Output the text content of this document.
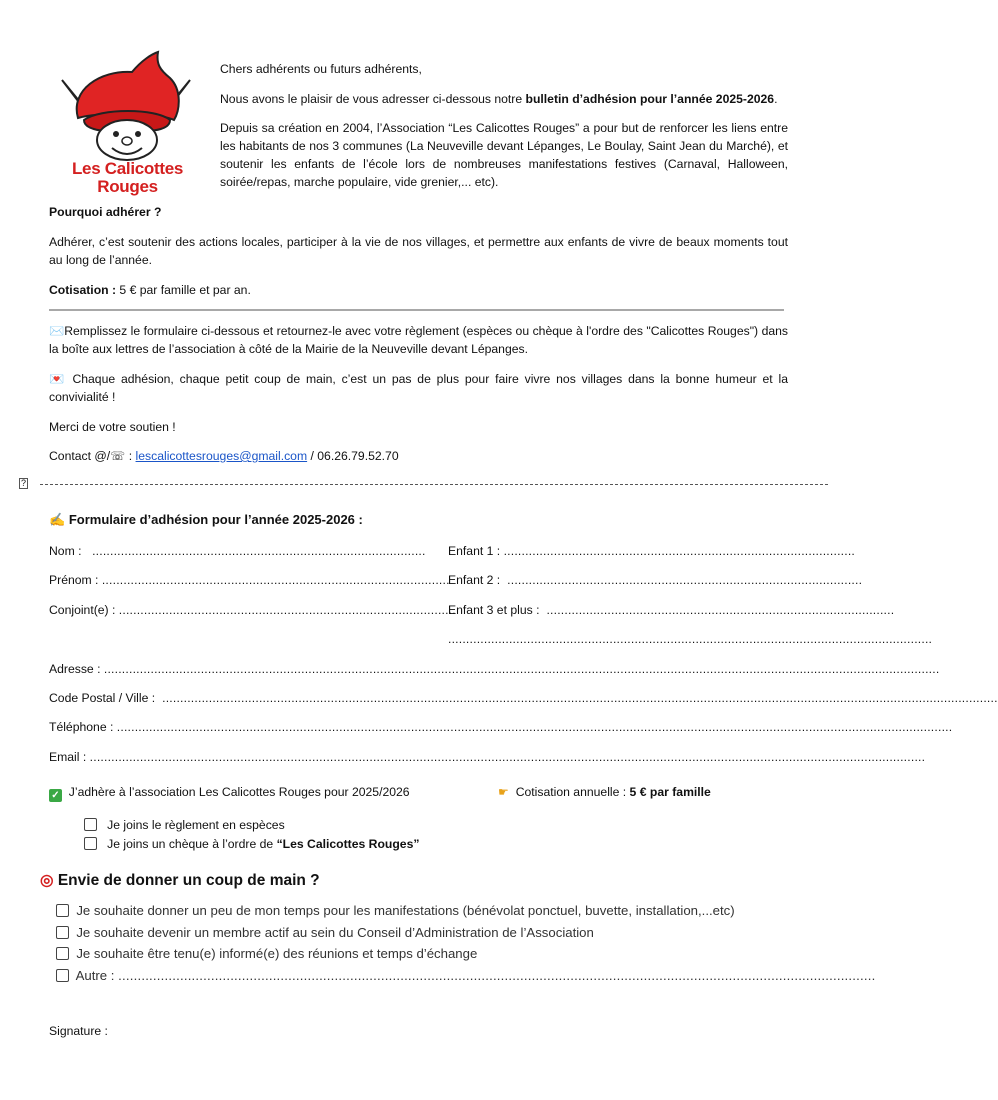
Les Calicottes Rouges

Chers adhérents ou futurs adhérents,

Nous avons le plaisir de vous adresser ci-dessous notre bulletin d’adhésion pour l’année 2025-2026.

Depuis sa création en 2004, l’Association “Les Calicottes Rouges” a pour but de renforcer les liens entre les habitants de nos 3 communes (La Neuveville devant Lépanges, Le Boulay, Saint Jean du Marché), et soutenir les enfants de l’école lors de nombreuses manifestations festives (Carnaval, Halloween, soirée/repas, marche populaire, vide grenier,... etc).

Pourquoi adhérer ?

Adhérer, c’est soutenir des actions locales, participer à la vie de nos villages, et permettre aux enfants de vivre de beaux moments tout au long de l’année.

Cotisation : 5 € par famille et par an.

✉️Remplissez le formulaire ci-dessous et retournez-le avec votre règlement (espèces ou chèque à l'ordre des "Calicottes Rouges") dans la boîte aux lettres de l’association à côté de la Mairie de la Neuveville devant Lépanges.

💌 Chaque adhésion, chaque petit coup de main, c’est un pas de plus pour faire vivre nos villages dans la bonne humeur et la convivialité !

Merci de votre soutien !

Contact @/☏ : lescalicottesrouges@gmail.com / 06.26.79.52.70

?

✍️ Formulaire d’adhésion pour l’année 2025-2026 :

Nom :   ............................................................................................. Enfant 1 : ..................................................................................................
Prénom : .................................................................................................
Enfant 2 :  ...................................................................................................
Conjoint(e) : ..............................................................................................
Enfant 3 et plus :  .................................................................................................
.......................................................................................................................................
Adresse : .........................................................................................................................................................................................................................................
Code Postal / Ville :  .........................................................................................................................................................................................................................................
Téléphone : .........................................................................................................................................................................................................................................
Email : .........................................................................................................................................................................................................................................

✓ J’adhère à l’association Les Calicottes Rouges pour 2025/2026	☛ Cotisation annuelle : 5 € par famille

Je joins le règlement en espèces

Je joins un chèque à l’ordre de “Les Calicottes Rouges”

◎ Envie de donner un coup de main ?

Je souhaite donner un peu de mon temps pour les manifestations (bénévolat ponctuel, buvette, installation,...etc)

Je souhaite devenir un membre actif au sein du Conseil d’Administration de l’Association

Je souhaite être tenu(e) informé(e) des réunions et temps d’échange

Autre : ....................................................................................................................................................................................................

Signature :
